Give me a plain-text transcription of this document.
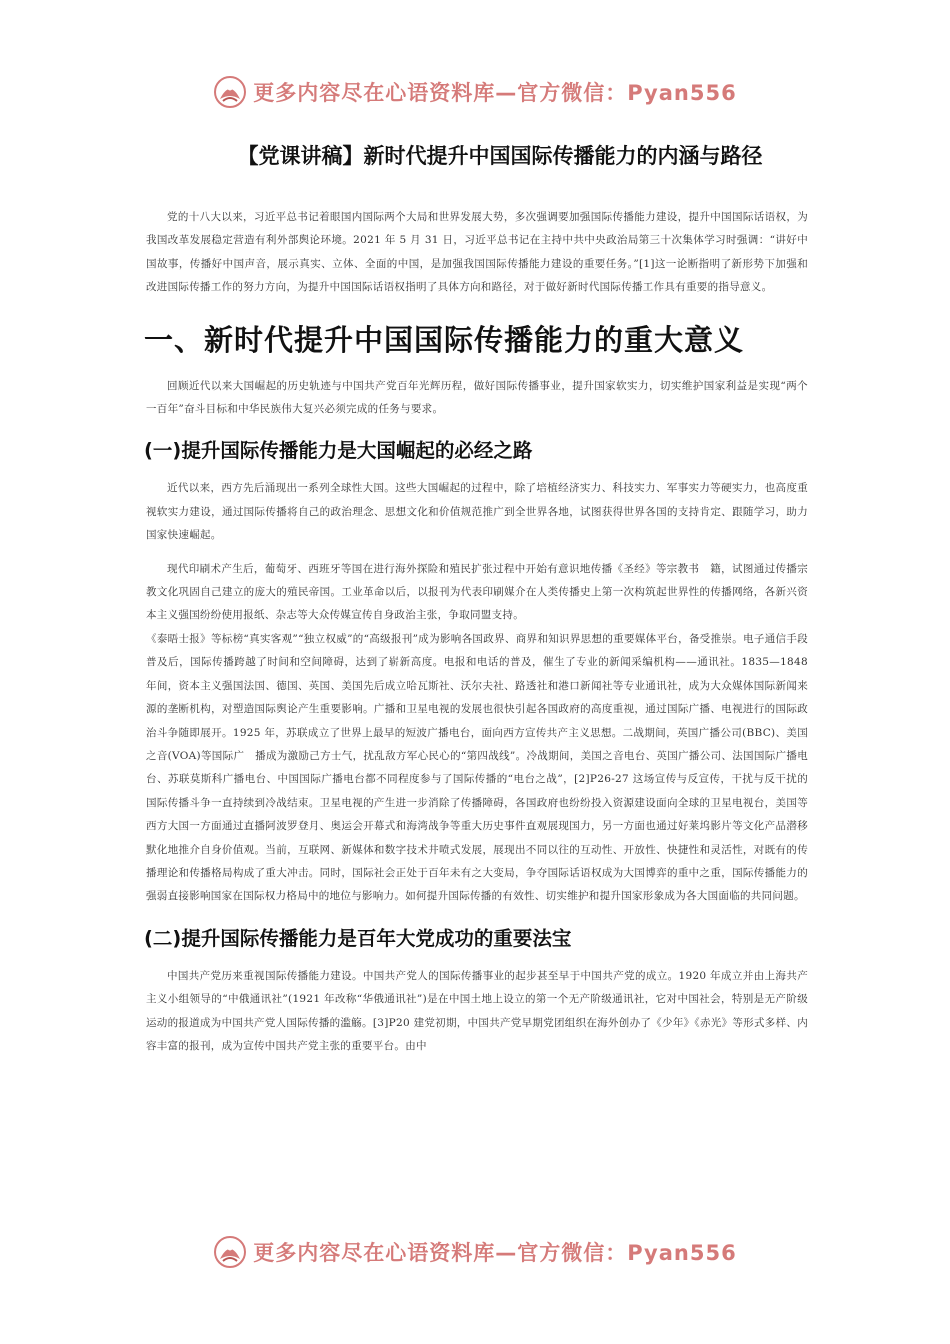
更多内容尽在心语资料库—官方微信：Pyan556
【党课讲稿】新时代提升中国国际传播能力的内涵与路径

党的十八大以来，习近平总书记着眼国内国际两个大局和世界发展大势，多次强调要加强国际传播能力建设，提升中国国际话语权，为我国改革发展稳定营造有利外部舆论环境。2021 年 5 月 31 日，习近平总书记在主持中共中央政治局第三十次集体学习时强调：“讲好中国故事，传播好中国声音，展示真实、立体、全面的中国，是加强我国国际传播能力建设的重要任务。”[1]这一论断指明了新形势下加强和改进国际传播工作的努力方向，为提升中国国际话语权指明了具体方向和路径，对于做好新时代国际传播工作具有重要的指导意义。

一、新时代提升中国国际传播能力的重大意义

回顾近代以来大国崛起的历史轨迹与中国共产党百年光辉历程，做好国际传播事业，提升国家软实力，切实维护国家利益是实现“两个一百年”奋斗目标和中华民族伟大复兴必须完成的任务与要求。

(一)提升国际传播能力是大国崛起的必经之路

近代以来，西方先后涌现出一系列全球性大国。这些大国崛起的过程中，除了培植经济实力、科技实力、军事实力等硬实力，也高度重视软实力建设，通过国际传播将自己的政治理念、思想文化和价值规范推广到全世界各地，试图获得世界各国的支持肯定、跟随学习，助力国家快速崛起。

现代印刷术产生后，葡萄牙、西班牙等国在进行海外探险和殖民扩张过程中开始有意识地传播《圣经》等宗教书　籍，试图通过传播宗教文化巩固自己建立的庞大的殖民帝国。工业革命以后，以报刊为代表印刷媒介在人类传播史上第一次构筑起世界性的传播网络，各新兴资本主义强国纷纷使用报纸、杂志等大众传媒宣传自身政治主张，争取同盟支持。

《泰晤士报》等标榜“真实客观”“独立权威”的“高级报刊”成为影响各国政界、商界和知识界思想的重要媒体平台，备受推崇。电子通信手段普及后，国际传播跨越了时间和空间障碍，达到了崭新高度。电报和电话的普及，催生了专业的新闻采编机构——通讯社。1835—1848 年间，资本主义强国法国、德国、英国、美国先后成立哈瓦斯社、沃尔夫社、路透社和港口新闻社等专业通讯社，成为大众媒体国际新闻来源的垄断机构，对塑造国际舆论产生重要影响。广播和卫星电视的发展也很快引起各国政府的高度重视，通过国际广播、电视进行的国际政治斗争随即展开。1925 年，苏联成立了世界上最早的短波广播电台，面向西方宣传共产主义思想。二战期间，英国广播公司(BBC)、美国之音(VOA)等国际广　播成为激励己方士气，扰乱敌方军心民心的“第四战线”。冷战期间，美国之音电台、英国广播公司、法国国际广播电台、苏联莫斯科广播电台、中国国际广播电台都不同程度参与了国际传播的“电台之战”，[2]P26-27 这场宣传与反宣传，干扰与反干扰的国际传播斗争一直持续到冷战结束。卫星电视的产生进一步消除了传播障碍，各国政府也纷纷投入资源建设面向全球的卫星电视台，美国等西方大国一方面通过直播阿波罗登月、奥运会开幕式和海湾战争等重大历史事件直观展现国力，另一方面也通过好莱坞影片等文化产品潜移默化地推介自身价值观。当前，互联网、新媒体和数字技术井喷式发展，展现出不同以往的互动性、开放性、快捷性和灵活性，对既有的传播理论和传播格局构成了重大冲击。同时，国际社会正处于百年未有之大变局，争夺国际话语权成为大国博弈的重中之重，国际传播能力的强弱直接影响国家在国际权力格局中的地位与影响力。如何提升国际传播的有效性、切实维护和提升国家形象成为各大国面临的共同问题。

(二)提升国际传播能力是百年大党成功的重要法宝

中国共产党历来重视国际传播能力建设。中国共产党人的国际传播事业的起步甚至早于中国共产党的成立。1920 年成立并由上海共产主义小组领导的“中俄通讯社”(1921 年改称“华俄通讯社”)是在中国土地上设立的第一个无产阶级通讯社，它对中国社会，特别是无产阶级运动的报道成为中国共产党人国际传播的滥觞。[3]P20 建党初期，中国共产党早期党团组织在海外创办了《少年》《赤光》等形式多样、内容丰富的报刊，成为宣传中国共产党主张的重要平台。由中

更多内容尽在心语资料库—官方微信：Pyan556
